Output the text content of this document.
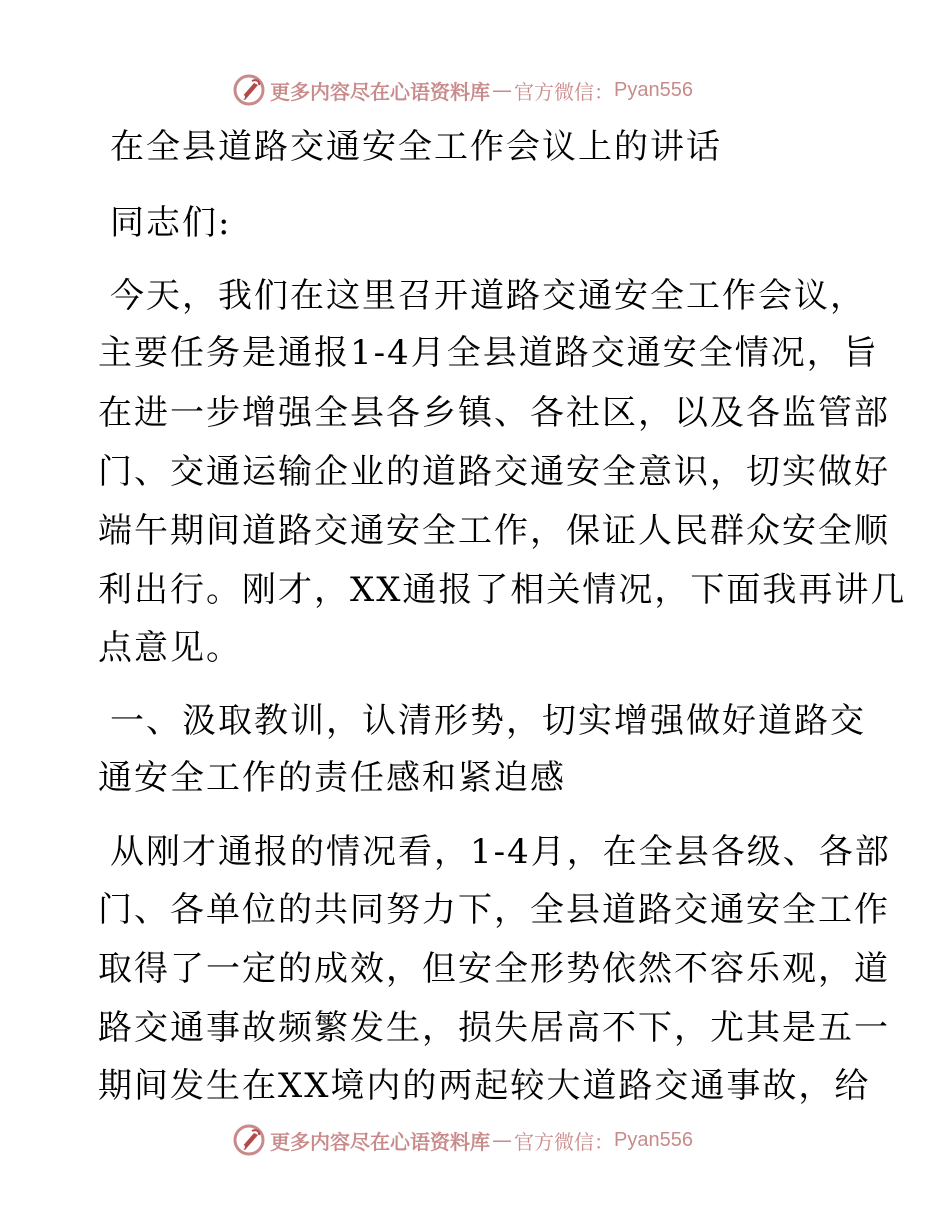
更多内容尽在心语资料库 — 官方微信： Pyan556
在全县道路交通安全工作会议上的讲话
同志们:
今天，我们在这里召开道路交通安全工作会议，
主要任务是通报1-4月全县道路交通安全情况，旨
在进一步增强全县各乡镇、各社区，以及各监管部
门、交通运输企业的道路交通安全意识，切实做好
端午期间道路交通安全工作，保证人民群众安全顺
利出行。刚才，XX通报了相关情况，下面我再讲几
点意见。
一、汲取教训，认清形势，切实增强做好道路交
通安全工作的责任感和紧迫感
从刚才通报的情况看，1-4月，在全县各级、各部
门、各单位的共同努力下，全县道路交通安全工作
取得了一定的成效，但安全形势依然不容乐观，道
路交通事故频繁发生，损失居高不下，尤其是五一
期间发生在XX境内的两起较大道路交通事故，给
更多内容尽在心语资料库 — 官方微信： Pyan556
